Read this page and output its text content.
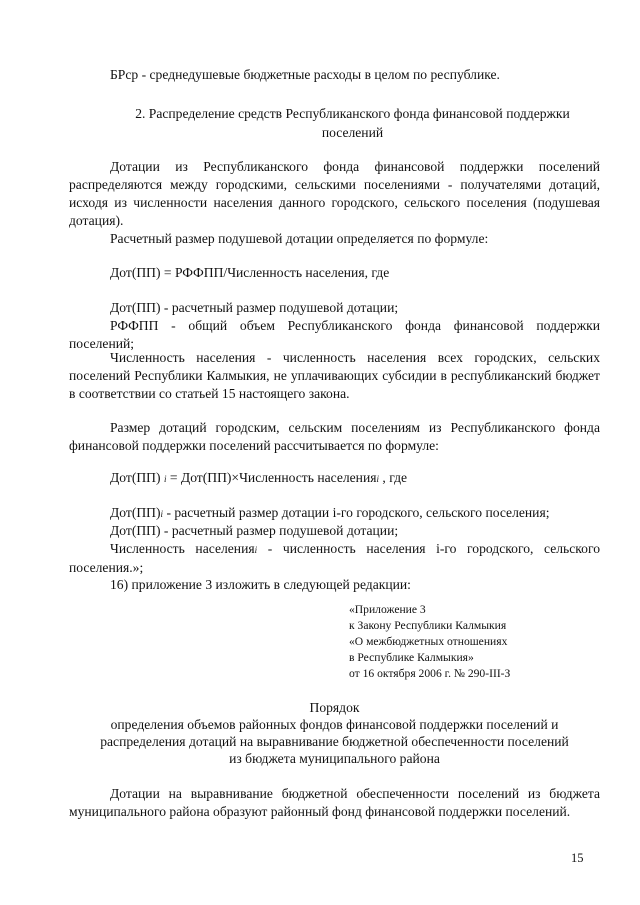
БРср - среднедушевые бюджетные расходы в целом по республике.

2. Распределение средств Республиканского фонда финансовой поддержки

поселений

Дотации из Республиканского фонда финансовой поддержки поселений распределяются между городскими, сельскими поселениями - получателями дотаций, исходя из численности населения данного городского, сельского поселения (подушевая дотация).

Расчетный размер подушевой дотации определяется по формуле:

Дот(ПП) = РФФПП/Численность населения, где

Дот(ПП) - расчетный размер подушевой дотации;

РФФПП - общий объем Республиканского фонда финансовой поддержки поселений;

Численность населения - численность населения всех городских, сельских поселений Республики Калмыкия, не уплачивающих субсидии в республиканский бюджет в соответствии со статьей 15 настоящего закона.

Размер дотаций городским, сельским поселениям из Республиканского фонда финансовой поддержки поселений рассчитывается по формуле:

Дот(ПП) i = Дот(ПП)×Численность населенияi , где

Дот(ПП)i - расчетный размер дотации i-го городского, сельского поселения;

Дот(ПП) - расчетный размер подушевой дотации;

Численность населенияi - численность населения i-го городского, сельского поселения.»;

16) приложение 3 изложить в следующей редакции:

«Приложение 3

к Закону Республики Калмыкия

«О межбюджетных отношениях

в Республике Калмыкия»

от 16 октября 2006 г. № 290-III-З

Порядок

определения объемов районных фондов финансовой поддержки поселений и

распределения дотаций на выравнивание бюджетной обеспеченности поселений

из бюджета муниципального района

Дотации на выравнивание бюджетной обеспеченности поселений из бюджета муниципального района образуют районный фонд финансовой поддержки поселений.

15
